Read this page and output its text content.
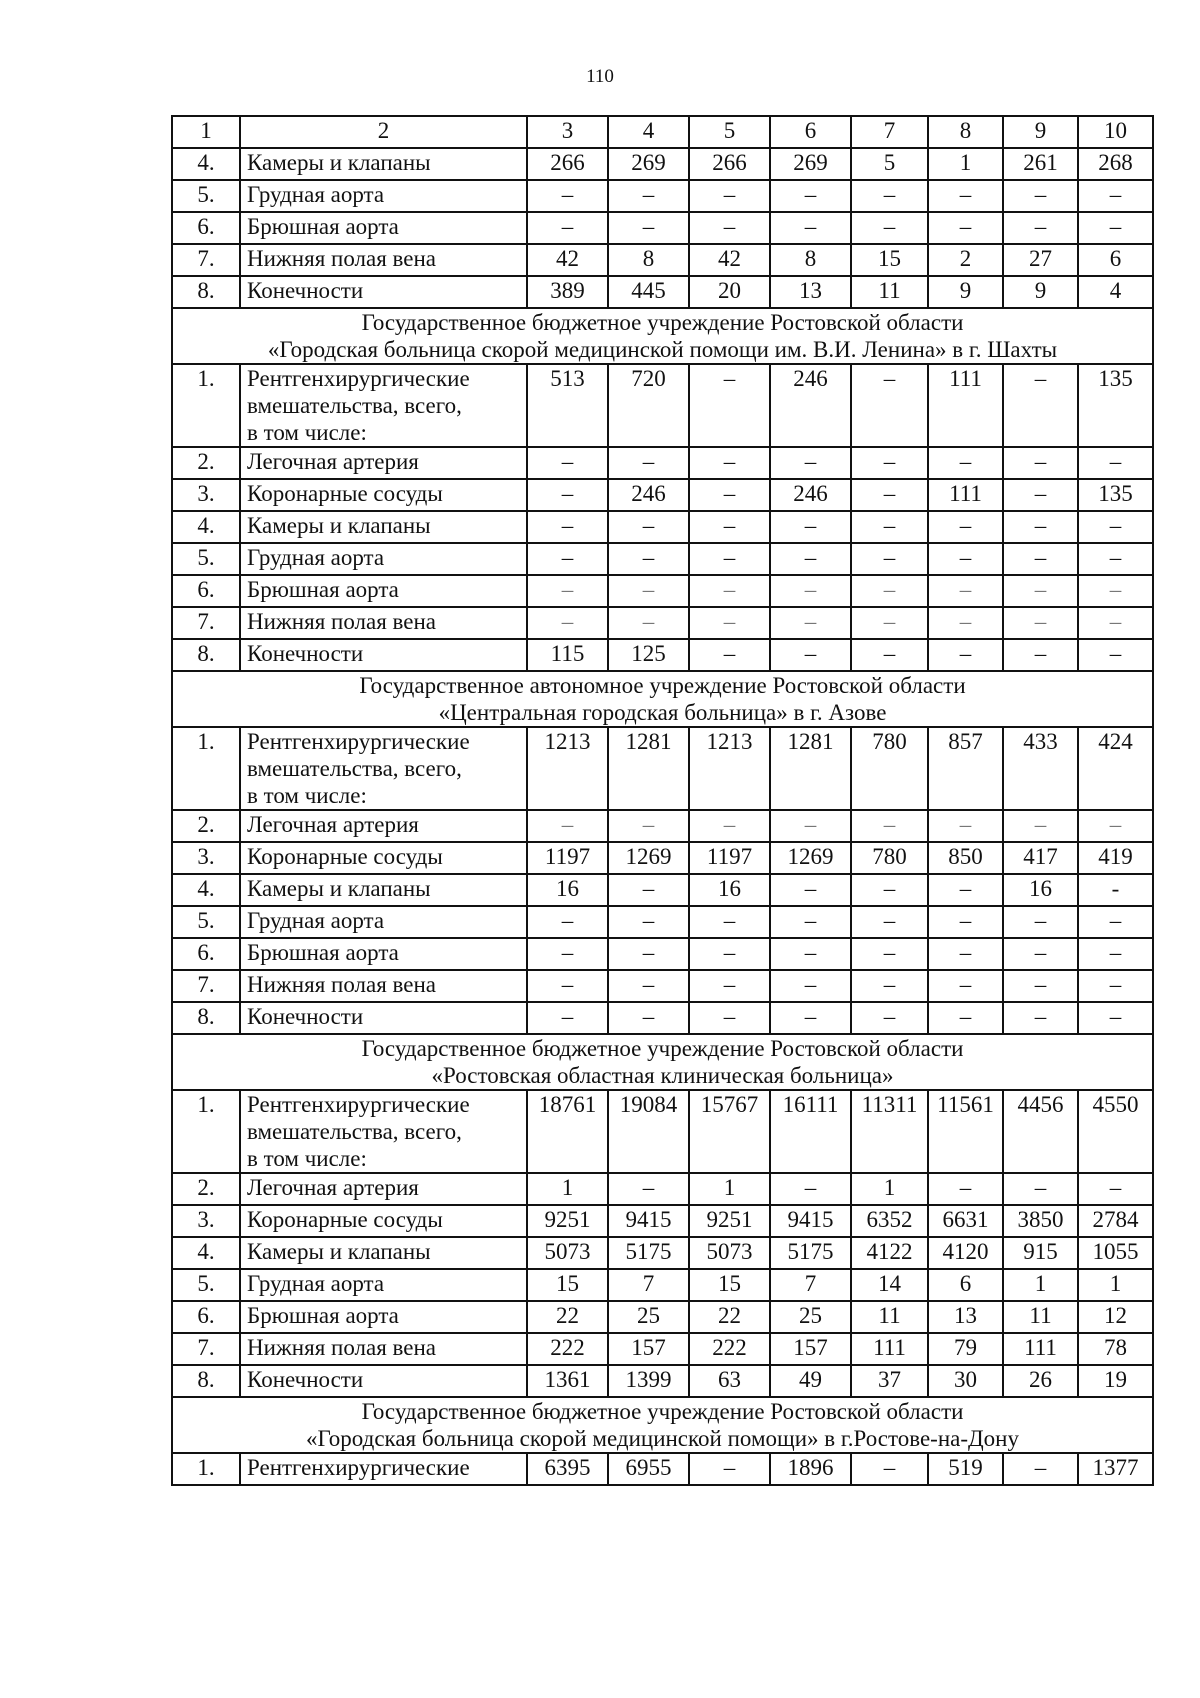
110
1	2	3	4	5	6	7	8	9	10
4.	Камеры и клапаны	266	269	266	269	5	1	261	268
5.	Грудная аорта	–	–	–	–	–	–	–	–
6.	Брюшная аорта	–	–	–	–	–	–	–	–
7.	Нижняя полая вена	42	8	42	8	15	2	27	6
8.	Конечности	389	445	20	13	11	9	9	4

Государственное бюджетное учреждение Ростовской области
«Городская больница скорой медицинской помощи им. В.И. Ленина» в г. Шахты									

1.	Рентгенхирургические
вмешательства, всего,
в том числе:	513	720	–	246	–	111	–	135
2.	Легочная артерия	–	–	–	–	–	–	–	–
3.	Коронарные сосуды	–	246	–	246	–	111	–	135
4.	Камеры и клапаны	–	–	–	–	–	–	–	–
5.	Грудная аорта	–	–	–	–	–	–	–	–
6.	Брюшная аорта	–	–	–	–	–	–	–	–
7.	Нижняя полая вена	–	–	–	–	–	–	–	–
8.	Конечности	115	125	–	–	–	–	–	–

Государственное автономное учреждение Ростовской области
«Центральная городская больница» в г. Азове									

1.	Рентгенхирургические
вмешательства, всего,
в том числе:	1213	1281	1213	1281	780	857	433	424
2.	Легочная артерия	–	–	–	–	–	–	–	–
3.	Коронарные сосуды	1197	1269	1197	1269	780	850	417	419
4.	Камеры и клапаны	16	–	16	–	–	–	16	-
5.	Грудная аорта	–	–	–	–	–	–	–	–
6.	Брюшная аорта	–	–	–	–	–	–	–	–
7.	Нижняя полая вена	–	–	–	–	–	–	–	–
8.	Конечности	–	–	–	–	–	–	–	–

Государственное бюджетное учреждение Ростовской области
«Ростовская областная клиническая больница»									

1.	Рентгенхирургические
вмешательства, всего,
в том числе:	18761	19084	15767	16111	11311	11561	4456	4550
2.	Легочная артерия	1	–	1	–	1	–	–	–
3.	Коронарные сосуды	9251	9415	9251	9415	6352	6631	3850	2784
4.	Камеры и клапаны	5073	5175	5073	5175	4122	4120	915	1055
5.	Грудная аорта	15	7	15	7	14	6	1	1
6.	Брюшная аорта	22	25	22	25	11	13	11	12
7.	Нижняя полая вена	222	157	222	157	111	79	111	78
8.	Конечности	1361	1399	63	49	37	30	26	19

Государственное бюджетное учреждение Ростовской области
«Городская больница скорой медицинской помощи» в г.Ростове-на-Дону									

1.	Рентгенхирургические	6395	6955	–	1896	–	519	–	1377
